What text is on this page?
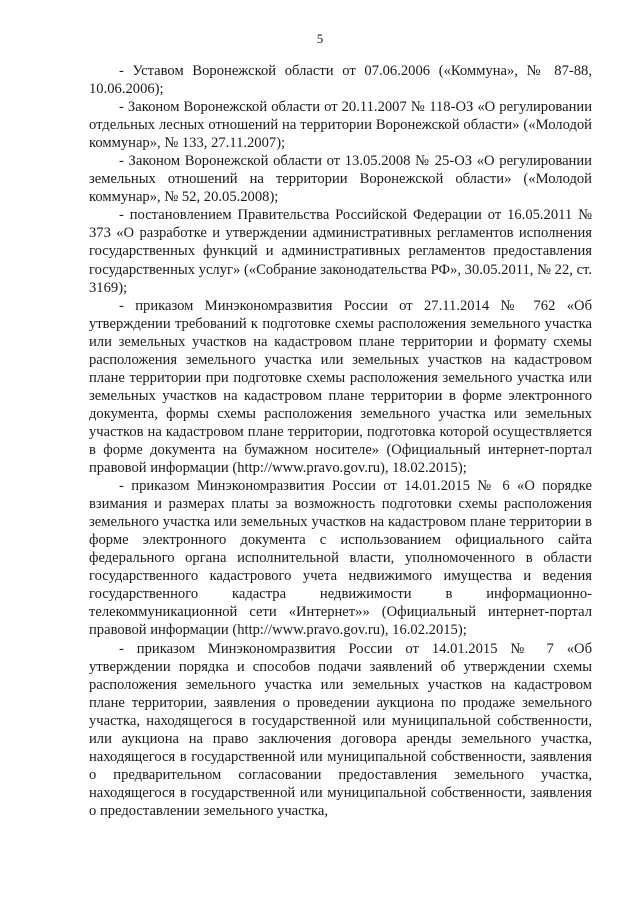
5

- Уставом Воронежской области от 07.06.2006 («Коммуна», № 87-88, 10.06.2006);

- Законом Воронежской области от 20.11.2007 № 118-ОЗ «О регулировании отдельных лесных отношений на территории Воронежской области» («Молодой коммунар», № 133, 27.11.2007);

- Законом Воронежской области от 13.05.2008 № 25-ОЗ «О регулировании земельных отношений на территории Воронежской области» («Молодой коммунар», № 52, 20.05.2008);

- постановлением Правительства Российской Федерации от 16.05.2011 № 373 «О разработке и утверждении административных регламентов исполнения государственных функций и административных регламентов предоставления государственных услуг» («Собрание законодательства РФ», 30.05.2011, № 22, ст. 3169);

- приказом Минэкономразвития России от 27.11.2014 № 762 «Об утверждении требований к подготовке схемы расположения земельного участка или земельных участков на кадастровом плане территории и формату схемы расположения земельного участка или земельных участков на кадастровом плане территории при подготовке схемы расположения земельного участка или земельных участков на кадастровом плане территории в форме электронного документа, формы схемы расположения земельного участка или земельных участков на кадастровом плане территории, подготовка которой осуществляется в форме документа на бумажном носителе» (Официальный интернет-портал правовой информации (http://www.pravo.gov.ru), 18.02.2015);

- приказом Минэкономразвития России от 14.01.2015 № 6 «О порядке взимания и размерах платы за возможность подготовки схемы расположения земельного участка или земельных участков на кадастровом плане территории в форме электронного документа с использованием официального сайта федерального органа исполнительной власти, уполномоченного в области государственного кадастрового учета недвижимого имущества и ведения государственного кадастра недвижимости в информационно-телекоммуникационной сети «Интернет»» (Официальный интернет-портал правовой информации (http://www.pravo.gov.ru), 16.02.2015);

- приказом Минэкономразвития России от 14.01.2015 № 7 «Об утверждении порядка и способов подачи заявлений об утверждении схемы расположения земельного участка или земельных участков на кадастровом плане территории, заявления о проведении аукциона по продаже земельного участка, находящегося в государственной или муниципальной собственности, или аукциона на право заключения договора аренды земельного участка, находящегося в государственной или муниципальной собственности, заявления о предварительном согласовании предоставления земельного участка, находящегося в государственной или муниципальной собственности, заявления о предоставлении земельного участка,
